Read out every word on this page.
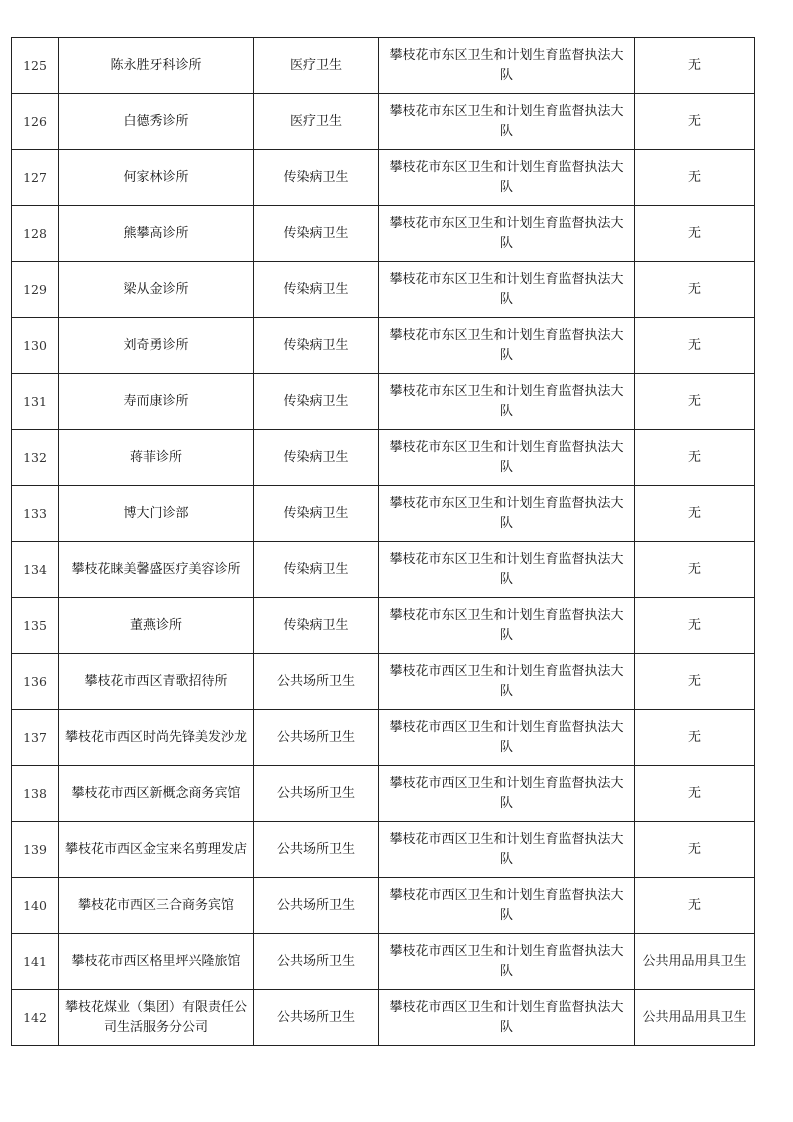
125	陈永胜牙科诊所	医疗卫生	攀枝花市东区卫生和计划生育监督执法大队	无
126	白德秀诊所	医疗卫生	攀枝花市东区卫生和计划生育监督执法大队	无
127	何家林诊所	传染病卫生	攀枝花市东区卫生和计划生育监督执法大队	无
128	熊攀高诊所	传染病卫生	攀枝花市东区卫生和计划生育监督执法大队	无
129	梁从金诊所	传染病卫生	攀枝花市东区卫生和计划生育监督执法大队	无
130	刘奇勇诊所	传染病卫生	攀枝花市东区卫生和计划生育监督执法大队	无
131	寿而康诊所	传染病卫生	攀枝花市东区卫生和计划生育监督执法大队	无
132	蒋菲诊所	传染病卫生	攀枝花市东区卫生和计划生育监督执法大队	无
133	博大门诊部	传染病卫生	攀枝花市东区卫生和计划生育监督执法大队	无
134	攀枝花睐美馨盛医疗美容诊所	传染病卫生	攀枝花市东区卫生和计划生育监督执法大队	无
135	董燕诊所	传染病卫生	攀枝花市东区卫生和计划生育监督执法大队	无
136	攀枝花市西区青歌招待所	公共场所卫生	攀枝花市西区卫生和计划生育监督执法大队	无
137	攀枝花市西区时尚先锋美发沙龙	公共场所卫生	攀枝花市西区卫生和计划生育监督执法大队	无
138	攀枝花市西区新概念商务宾馆	公共场所卫生	攀枝花市西区卫生和计划生育监督执法大队	无
139	攀枝花市西区金宝来名剪理发店	公共场所卫生	攀枝花市西区卫生和计划生育监督执法大队	无
140	攀枝花市西区三合商务宾馆	公共场所卫生	攀枝花市西区卫生和计划生育监督执法大队	无
141	攀枝花市西区格里坪兴隆旅馆	公共场所卫生	攀枝花市西区卫生和计划生育监督执法大队	公共用品用具卫生
142	攀枝花煤业（集团）有限责任公司生活服务分公司	公共场所卫生	攀枝花市西区卫生和计划生育监督执法大队	公共用品用具卫生
